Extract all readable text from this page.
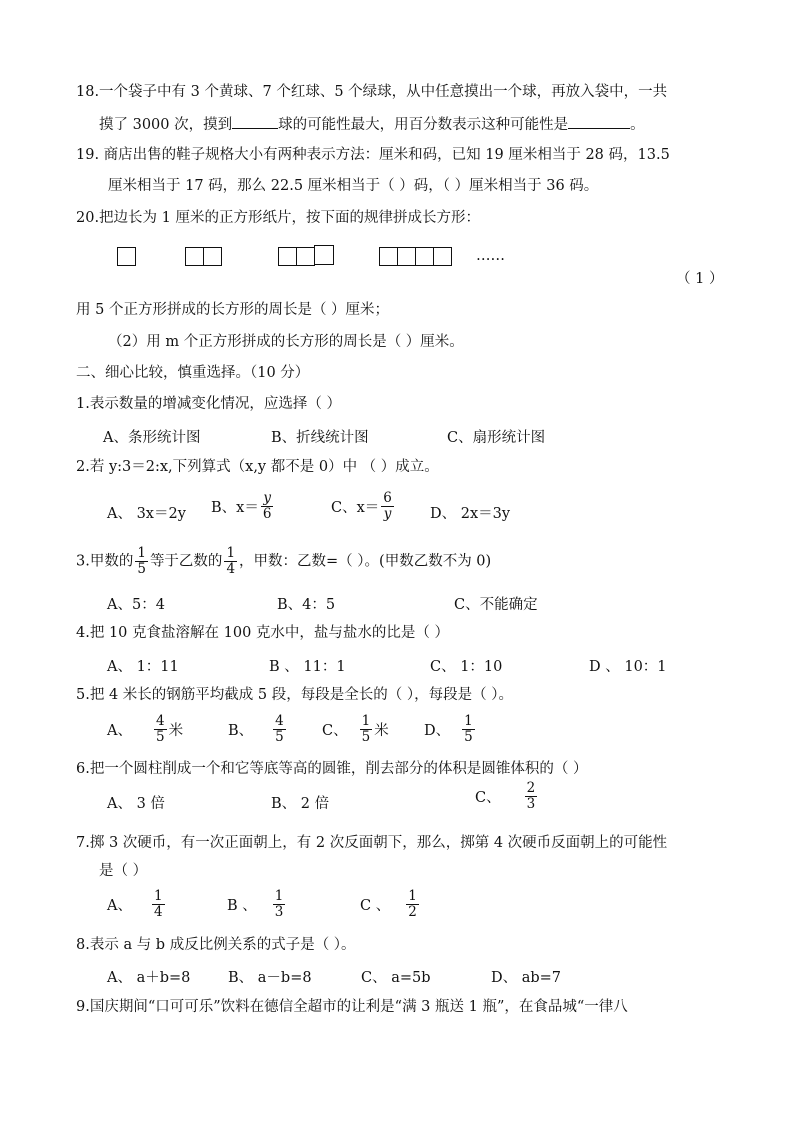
18.一个袋子中有 3 个黄球、7 个红球、5 个绿球，从中任意摸出一个球，再放入袋中，一共
摸了 3000 次，摸到	球的可能性最大，用百分数表示这种可能性是	。
19. 商店出售的鞋子规格大小有两种表示方法：厘米和码，已知 19 厘米相当于 28 码，13.5
厘米相当于 17 码，那么 22.5 厘米相当于（ ）码，（ ）厘米相当于 36 码。
20.把边长为 1 厘米的正方形纸片，按下面的规律拼成长方形：
……
（ 1 ）
用 5 个正方形拼成的长方形的周长是（ ）厘米；
（2）用 m 个正方形拼成的长方形的周长是（ ）厘米。
二、细心比较，慎重选择。（10 分）
1.表示数量的增减变化情况，应选择（ ）
A、条形统计图	B、折线统计图	C、扇形统计图
2.若 y:3＝2:x,下列算式（x,y 都不是 0）中 （ ）成立。
A、 3x＝2y B、$x= \frac{y}{6}$	C、$x= \frac{6}{y}$ D、 2x＝3y
3.甲数的 $\frac{1}{5}$ 等于乙数的 $\frac{1}{4}$ ，甲数：乙数=（ ）。(甲数乙数不为 0)
A、5：4	B、4：5	C、不能确定
4.把 10 克食盐溶解在 100 克水中，盐与盐水的比是（ ）
A、 1：11	B 、 11：1	C、 1：10	D 、 10：1
5.把 4 米长的钢筋平均截成 5 段，每段是全长的（ ），每段是（ ）。
A、 $\frac{4}{5}$ 米	B、 $\frac{4}{5}$	C、 $\frac{1}{5}$ 米 D、 $\frac{1}{5}$
6.把一个圆柱削成一个和它等底等高的圆锥，削去部分的体积是圆锥体积的（ ）
A、 3 倍	B、 2 倍	C、 $\frac{2}{3}$
7.掷 3 次硬币，有一次正面朝上，有 2 次反面朝下，那么，掷第 4 次硬币反面朝上的可能性
是（ ）
A、 $\frac{1}{4}$	B 、 $\frac{1}{3}$	C 、 $\frac{1}{2}$
8.表示 a 与 b 成反比例关系的式子是（ ）。
A、 a＋b=8	B、 a－b=8	C、 a=5b	D、 ab=7
9.国庆期间“口可可乐”饮料在德信全超市的让利是“满 3 瓶送 1 瓶”，在食品城“一律八
